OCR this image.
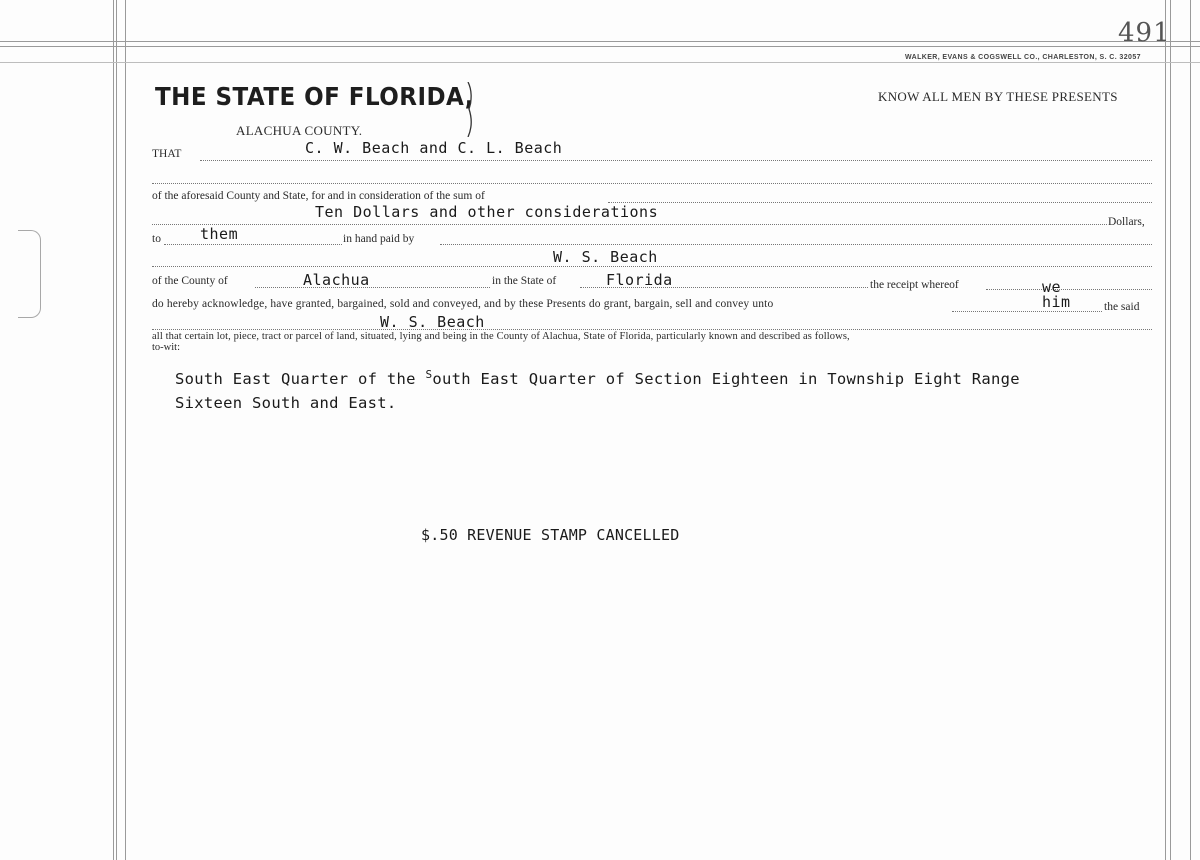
491
WALKER, EVANS & COGSWELL CO., CHARLESTON, S. C. 32057
THE STATE OF FLORIDA,	KNOW ALL MEN BY THESE PRESENTS
ALACHUA COUNTY.
THAT	C. W. Beach and C. L. Beach
of the aforesaid County and State, for and in consideration of the sum of
Ten Dollars and other considerations
Dollars,
to	them	in hand paid by
W. S. Beach
of the County of	Alachua	in the State of	Florida	the receipt whereof	we
do hereby acknowledge, have granted, bargained, sold and conveyed, and by these Presents do grant, bargain, sell and convey unto	him	the said
W. S. Beach
all that certain lot, piece, tract or parcel of land, situated, lying and being in the County of Alachua, State of Florida, particularly known and described as follows,
to-wit:
South East Quarter of the $^S$outh East Quarter of Section Eighteen in Township Eight Range
Sixteen South and East.
$.50 REVENUE STAMP CANCELLED
